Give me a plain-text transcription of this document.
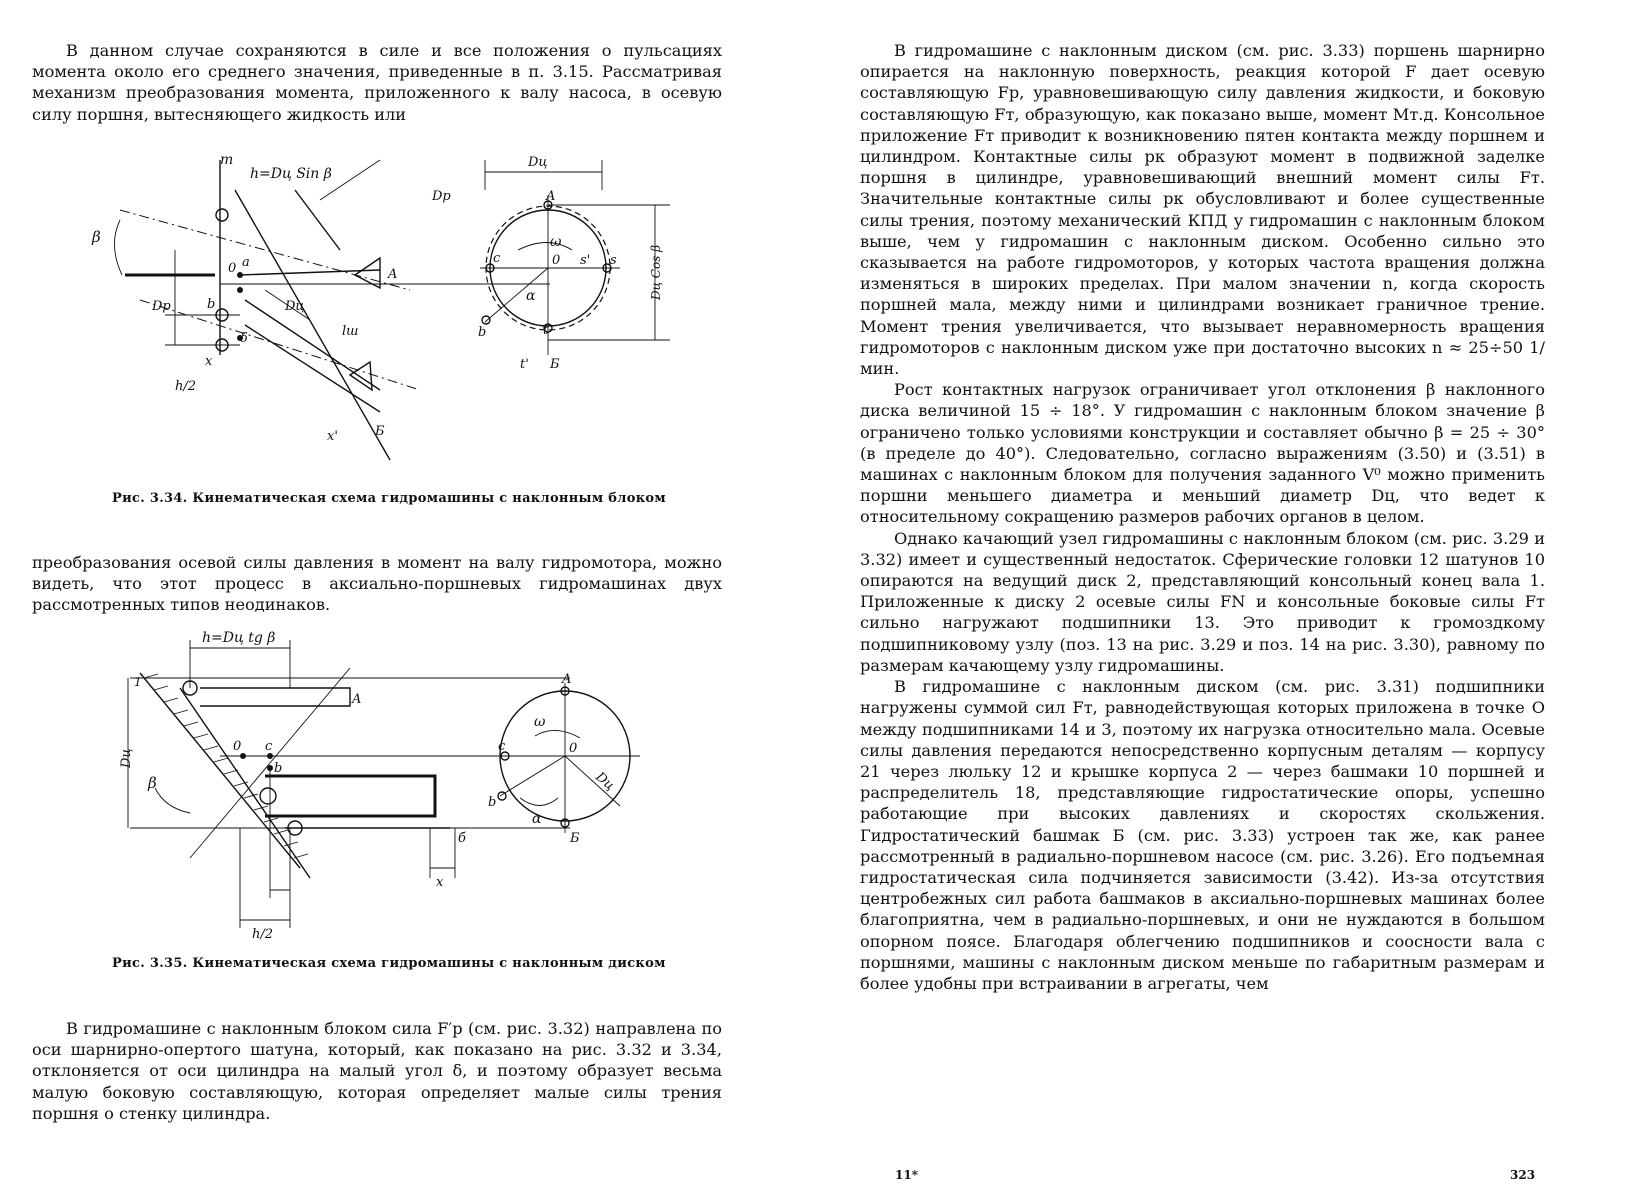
В данном случае сохраняются в силе и все положения о пульсациях момента около его среднего значения, приведенные в п. 3.15. Рассматривая механизм преобразования момента, приложенного к валу насоса, в осевую силу поршня, вытесняющего жидкость или

m
h=Dц Sin β
β
Dp
0 a
b	Dц
δ	lш
x
h/2
x'
A
Б
Dц
Dp	A
ω
c	0 s' s
α
b	t
t' Б
Dц Cos β
Рис. 3.34. Кинематическая схема гидромашины с наклонным блоком

преобразования осевой силы давления в момент на валу гидромотора, можно видеть, что этот процесс в аксиально-поршневых гидромашинах двух рассмотренных типов неодинаков.

h=Dц tg β
1
A
Dц
β
0 c
b
б
x
h/2
A
ω
c	0
Dц
b
α
Б
Рис. 3.35. Кинематическая схема гидромашины с наклонным диском

В гидромашине с наклонным блоком сила F′p (см. рис. 3.32) направлена по оси шарнирно-опертого шатуна, который, как показано на рис. 3.32 и 3.34, отклоняется от оси цилиндра на малый угол δ, и поэтому образует весьма малую боковую составляющую, которая определяет малые силы трения поршня о стенку цилиндра.

В гидромашине с наклонным диском (см. рис. 3.33) поршень шарнирно опирается на наклонную поверхность, реакция которой F дает осевую составляющую Fp, уравновешивающую силу давления жидкости, и боковую составляющую Fт, образующую, как показано выше, момент Mт.д. Консольное приложение Fт приводит к возникновению пятен контакта между поршнем и цилиндром. Контактные силы pк образуют момент в подвижной заделке поршня в цилиндре, уравновешивающий внешний момент силы Fт. Значительные контактные силы pк обусловливают и более существенные силы трения, поэтому механический КПД у гидромашин с наклонным блоком выше, чем у гидромашин с наклонным диском. Особенно сильно это сказывается на работе гидромоторов, у которых частота вращения должна изменяться в широких пределах. При малом значении n, когда скорость поршней мала, между ними и цилиндрами возникает граничное трение. Момент трения увеличивается, что вызывает неравномерность вращения гидромоторов с наклонным диском уже при достаточно высоких n ≈ 25÷50 1/мин.

Рост контактных нагрузок ограничивает угол отклонения β наклонного диска величиной 15 ÷ 18°. У гидромашин с наклонным блоком значение β ограничено только условиями конструкции и составляет обычно β = 25 ÷ 30° (в пределе до 40°). Следовательно, согласно выражениям (3.50) и (3.51) в машинах с наклонным блоком для получения заданного V⁰ можно применить поршни меньшего диаметра и меньший диаметр Dц, что ведет к относительному сокращению размеров рабочих органов в целом.

Однако качающий узел гидромашины с наклонным блоком (см. рис. 3.29 и 3.32) имеет и существенный недостаток. Сферические головки 12 шатунов 10 опираются на ведущий диск 2, представляющий консольный конец вала 1. Приложенные к диску 2 осевые силы FN и консольные боковые силы Fт сильно нагружают подшипники 13. Это приводит к громоздкому подшипниковому узлу (поз. 13 на рис. 3.29 и поз. 14 на рис. 3.30), равному по размерам качающему узлу гидромашины.

В гидромашине с наклонным диском (см. рис. 3.31) подшипники нагружены суммой сил Fт, равнодействующая которых приложена в точке O между подшипниками 14 и 3, поэтому их нагрузка относительно мала. Осевые силы давления передаются непосредственно корпусным деталям — корпусу 21 через люльку 12 и крышке корпуса 2 — через башмаки 10 поршней и распределитель 18, представляющие гидростатические опоры, успешно работающие при высоких давлениях и скоростях скольжения. Гидростатический башмак Б (см. рис. 3.33) устроен так же, как ранее рассмотренный в радиально-поршневом насосе (см. рис. 3.26). Его подъемная гидростатическая сила подчиняется зависимости (3.42). Из-за отсутствия центробежных сил работа башмаков в аксиально-поршневых машинах более благоприятна, чем в радиально-поршневых, и они не нуждаются в большом опорном поясе. Благодаря облегчению подшипников и соосности вала с поршнями, машины с наклонным диском меньше по габаритным размерам и более удобны при встраивании в агрегаты, чем

11*	323
